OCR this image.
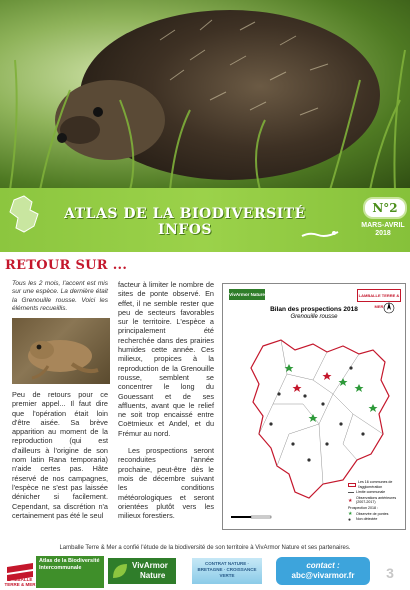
ATLAS DE LA BIODIVERSITÉ
INFOS
N°2
MARS-AVRIL
2018
RETOUR SUR ...
Tous les 2 mois, l'accent est mis sur une espèce. La dernière était la Grenouille rousse. Voici les éléments recueillis.
Peu de retours pour ce premier appel... Il faut dire que l'opération était loin d'être aisée. Sa brève apparition au moment de la reproduction (qui est d'ailleurs à l'origine de son nom latin Rana temporaria) n'aide certes pas. Hâte réservé de nos campagnes, l'espèce ne s'est pas laissée dénicher si facilement. Cependant, sa discrétion n'a certainement pas été le seul

facteur à limiter le nombre de sites de ponte observé. En effet, il ne semble rester que peu de secteurs favorables sur le territoire. L'espèce a principalement été recherchée dans des prairies humides cette année. Ces milieux, propices à la reproduction de la Grenouille rousse, semblent se concentrer le long du Gouessant et de ses affluents, avant que le relief ne soit trop encaissé entre Coëtmieux et Andel, et du Frémur au nord.

Les prospections seront reconduites l'année prochaine, peut-être dès le mois de décembre suivant les conditions météorologiques et seront orientées plutôt vers les milieux forestiers.

VivArmor Nature	LAMBALLE TERRE & MER
Bilan des prospections 2018
Grenouille rousse
Les 16 communes de l'agglomération
Limite communale
★
Observations antérieures (2007-2017)
Prospection 2018 :
★ Observée de pontes
●	Non détectée
Lamballe Terre & Mer a confié l'étude de la biodiversité de son territoire à VivArmor Nature et ses partenaires.
LAMBALLE TERRE & MER
Atlas de la Biodiversité Intercommunale	VivArmor
Nature
CONTRAT NATURE · BRETAGNE · CROISSANCE VERTE
contact :
abc@vivarmor.fr	3
